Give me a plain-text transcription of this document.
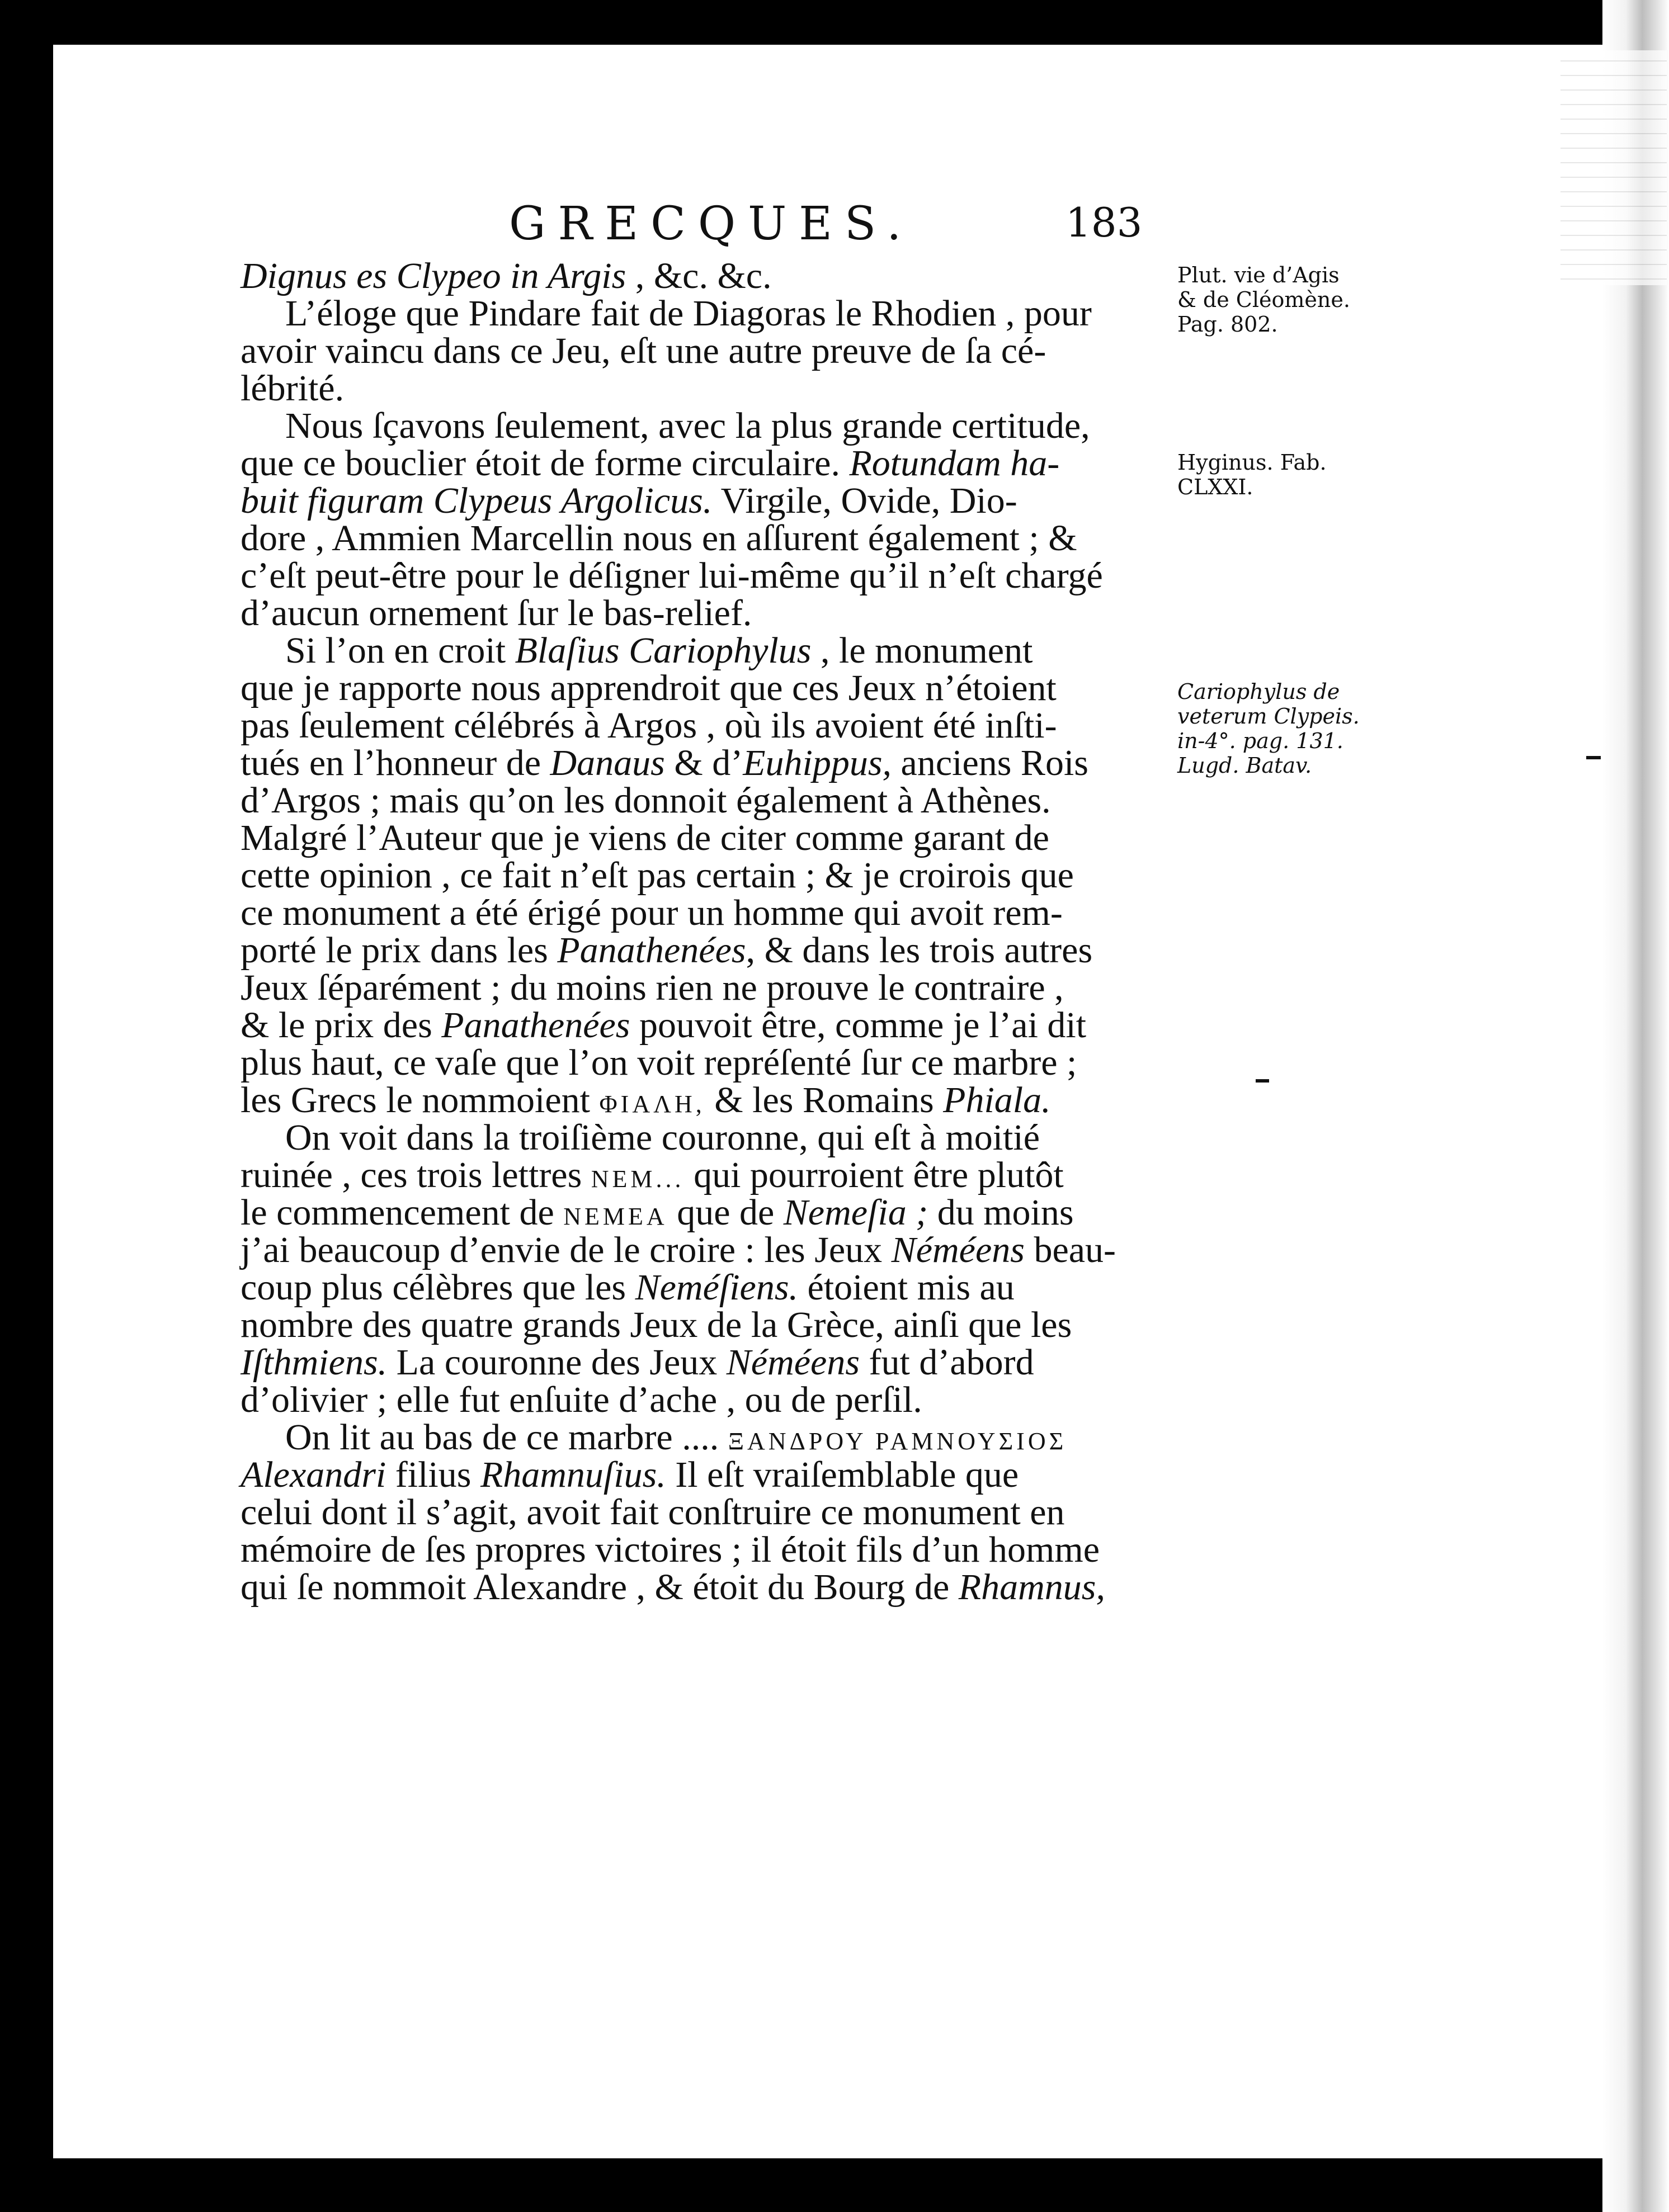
GRECQUES.	183
Dignus es Clypeo in Argis , &c. &c.
L’éloge que Pindare fait de Diagoras le Rhodien , pour
avoir vaincu dans ce Jeu, eſt une autre preuve de ſa cé-
lébrité.
Nous ſçavons ſeulement, avec la plus grande certitude,
que ce bouclier étoit de forme circulaire. Rotundam ha-
buit figuram Clypeus Argolicus. Virgile, Ovide, Dio-
dore , Ammien Marcellin nous en aſſurent également ; &
c’eſt peut-être pour le déſigner lui-même qu’il n’eſt chargé
d’aucun ornement ſur le bas-relief.
Si l’on en croit Blaſius Cariophylus , le monument
que je rapporte nous apprendroit que ces Jeux n’étoient
pas ſeulement célébrés à Argos , où ils avoient été inſti-
tués en l’honneur de Danaus & d’Euhippus, anciens Rois
d’Argos ; mais qu’on les donnoit également à Athènes.
Malgré l’Auteur que je viens de citer comme garant de
cette opinion , ce fait n’eſt pas certain ; & je croirois que
ce monument a été érigé pour un homme qui avoit rem-
porté le prix dans les Panathenées, & dans les trois autres
Jeux ſéparément ; du moins rien ne prouve le contraire ,
& le prix des Panathenées pouvoit être, comme je l’ai dit
plus haut, ce vaſe que l’on voit repréſenté ſur ce marbre ;
les Grecs le nommoient ΦΙΑΛΗ, & les Romains Phiala.
On voit dans la troiſième couronne, qui eſt à moitié
ruinée , ces trois lettres ΝΕΜ... qui pourroient être plutôt
le commencement de ΝΕΜΕΑ que de Nemeſia ; du moins
j’ai beaucoup d’envie de le croire : les Jeux Néméens beau-
coup plus célèbres que les Neméſiens. étoient mis au
nombre des quatre grands Jeux de la Grèce, ainſi que les
Iſthmiens. La couronne des Jeux Néméens fut d’abord
d’olivier ; elle fut enſuite d’ache , ou de perſil.
On lit au bas de ce marbre .... ΞΑΝΔΡΟΥ ΡΑΜΝΟΥΣΙΟΣ
Alexandri filius Rhamnuſius. Il eſt vraiſemblable que
celui dont il s’agit, avoit fait conſtruire ce monument en
mémoire de ſes propres victoires ; il étoit fils d’un homme
qui ſe nommoit Alexandre , & étoit du Bourg de Rhamnus,
Plut. vie d’Agis
& de Cléomène.
Pag. 802.
Hyginus. Fab.
CLXXI.
Cariophylus de
veterum Clypeis.
in-4°. pag. 131.
Lugd. Batav.
